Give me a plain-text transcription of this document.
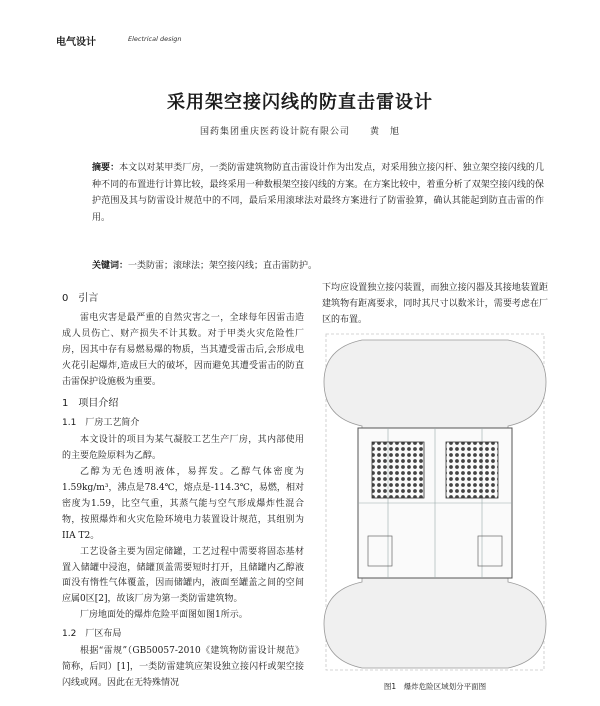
电气设计	Electrical design
采用架空接闪线的防直击雷设计
国药集团重庆医药设计院有限公司　　黄　旭
摘要：本文以对某甲类厂房，一类防雷建筑物防直击雷设计作为出发点，对采用独立接闪杆、独立架空接闪线的几种不同的布置进行计算比较，最终采用一种数根架空接闪线的方案。在方案比较中，着重分析了双架空接闪线的保护范围及其与防雷设计规范中的不同，最后采用滚球法对最终方案进行了防雷验算，确认其能起到防直击雷的作用。
关键词：一类防雷；滚球法；架空接闪线；直击雷防护。
0　引言

雷电灾害是最严重的自然灾害之一，全球每年因雷击造成人员伤亡、财产损失不计其数。对于甲类火灾危险性厂房，因其中存有易燃易爆的物质，当其遭受雷击后,会形成电火花引起爆炸,造成巨大的破坏，因而避免其遭受雷击的防直击雷保护设施极为重要。

1　项目介绍
1.1　厂房工艺简介

本文设计的项目为某气凝胶工艺生产厂房，其内部使用的主要危险原料为乙醇。

乙醇为无色透明液体，易挥发。乙醇气体密度为1.59kg/m³，沸点是78.4℃，熔点是-114.3℃，易燃，相对密度为1.59，比空气重，其蒸气能与空气形成爆炸性混合物，按照爆炸和火灾危险环境电力装置设计规范，其组别为IIA T2。

工艺设备主要为固定储罐，工艺过程中需要将固态基材置入储罐中浸泡，储罐顶盖需要短时打开，且储罐内乙醇液面没有惰性气体覆盖，因而储罐内，液面至罐盖之间的空间应属0区[2]，故该厂房为第一类防雷建筑物。

厂房地面处的爆炸危险平面图如图1所示。

1.2　厂区布局

根据“雷规”（GB50057-2010《建筑物防雷设计规范》简称，后同）[1]，一类防雷建筑应架设独立接闪杆或架空接闪线或网。因此在无特殊情况

下均应设置独立接闪装置，而独立接闪器及其接地装置距建筑物有距离要求，同时其尺寸以数米计，需要考虑在厂区的布置。
图1　爆炸危险区域划分平面图
